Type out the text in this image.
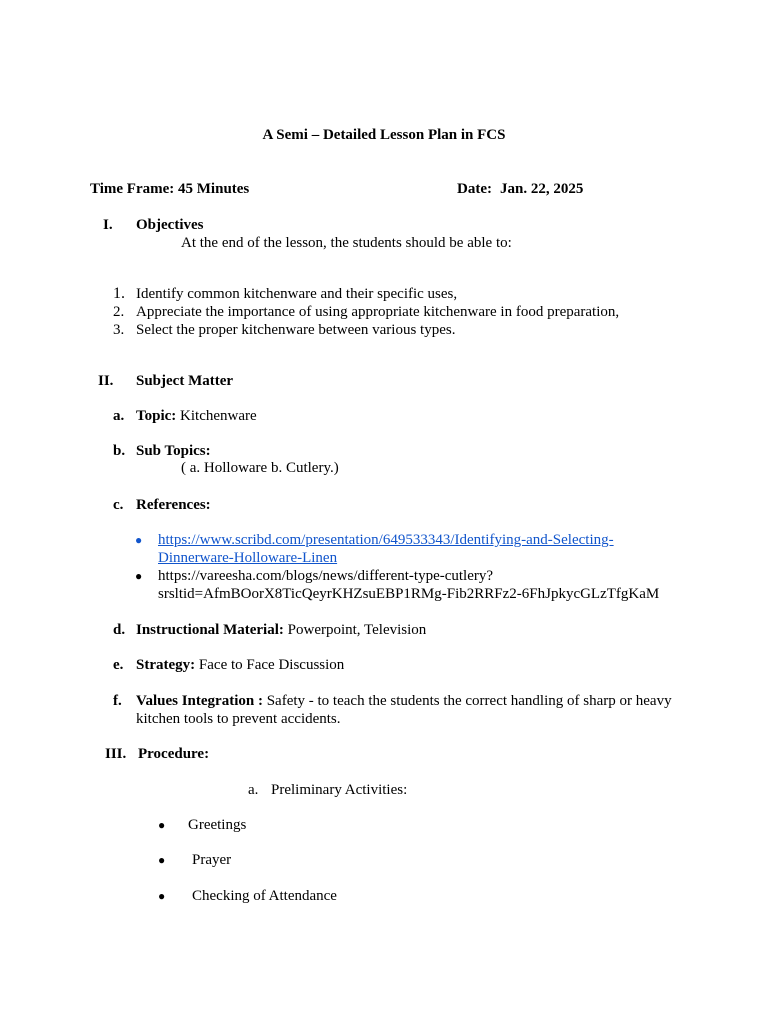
A Semi – Detailed Lesson Plan in FCS
Time Frame: 45 Minutes	Date: Jan. 22, 2025
I. Objectives
At the end of the lesson, the students should be able to:
1. Identify common kitchenware and their specific uses,
2. Appreciate the importance of using appropriate kitchenware in food preparation,
3. Select the proper kitchenware between various types.
II. Subject Matter
a. Topic: Kitchenware
b. Sub Topics:
( a. Holloware b. Cutlery.)
c. References:
● https://www.scribd.com/presentation/649533343/Identifying-and-Selecting-
Dinnerware-Holloware-Linen
● https://vareesha.com/blogs/news/different-type-cutlery?
srsltid=AfmBOorX8TicQeyrKHZsuEBP1RMg-Fib2RRFz2-6FhJpkycGLzTfgKaM
d. Instructional Material: Powerpoint, Television
e. Strategy: Face to Face Discussion
f. Values Integration : Safety - to teach the students the correct handling of sharp or heavy
kitchen tools to prevent accidents.
III. Procedure:
a. Preliminary Activities:
● Greetings
● Prayer
● Checking of Attendance
